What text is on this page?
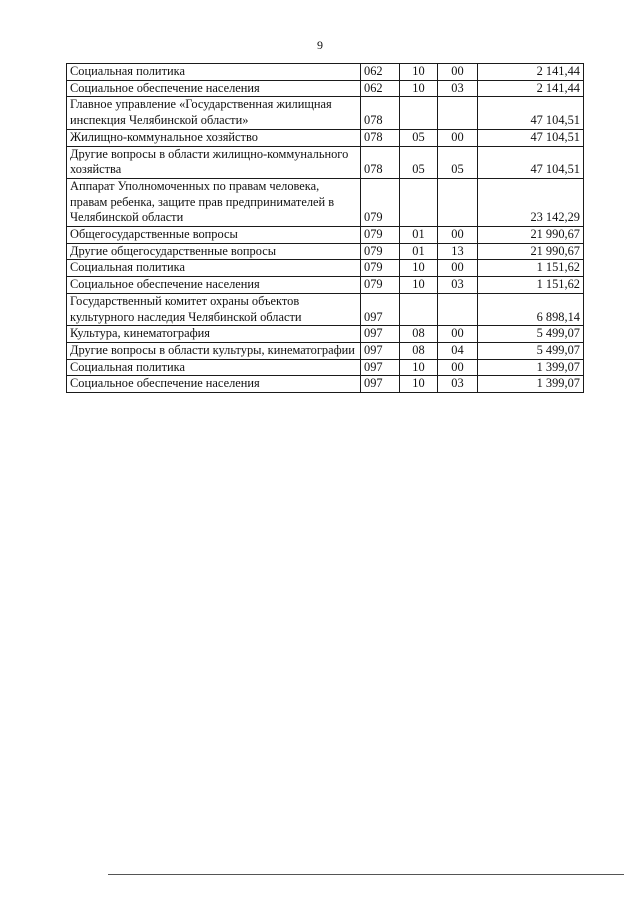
9
Социальная политика	062	10	00	2 141,44
Социальное обеспечение населения	062	10	03	2 141,44
Главное управление «Государственная жилищная инспекция Челябинской области»	078			47 104,51
Жилищно-коммунальное хозяйство	078	05	00	47 104,51
Другие вопросы в области жилищно-коммунального хозяйства	078	05	05	47 104,51
Аппарат Уполномоченных по правам человека, правам ребенка, защите прав предпринимателей в Челябинской области	079			23 142,29
Общегосударственные вопросы	079	01	00	21 990,67
Другие общегосударственные вопросы	079	01	13	21 990,67
Социальная политика	079	10	00	1 151,62
Социальное обеспечение населения	079	10	03	1 151,62
Государственный комитет охраны объектов культурного наследия Челябинской области	097			6 898,14
Культура, кинематография	097	08	00	5 499,07
Другие вопросы в области культуры, кинематографии	097	08	04	5 499,07
Социальная политика	097	10	00	1 399,07
Социальное обеспечение населения	097	10	03	1 399,07
